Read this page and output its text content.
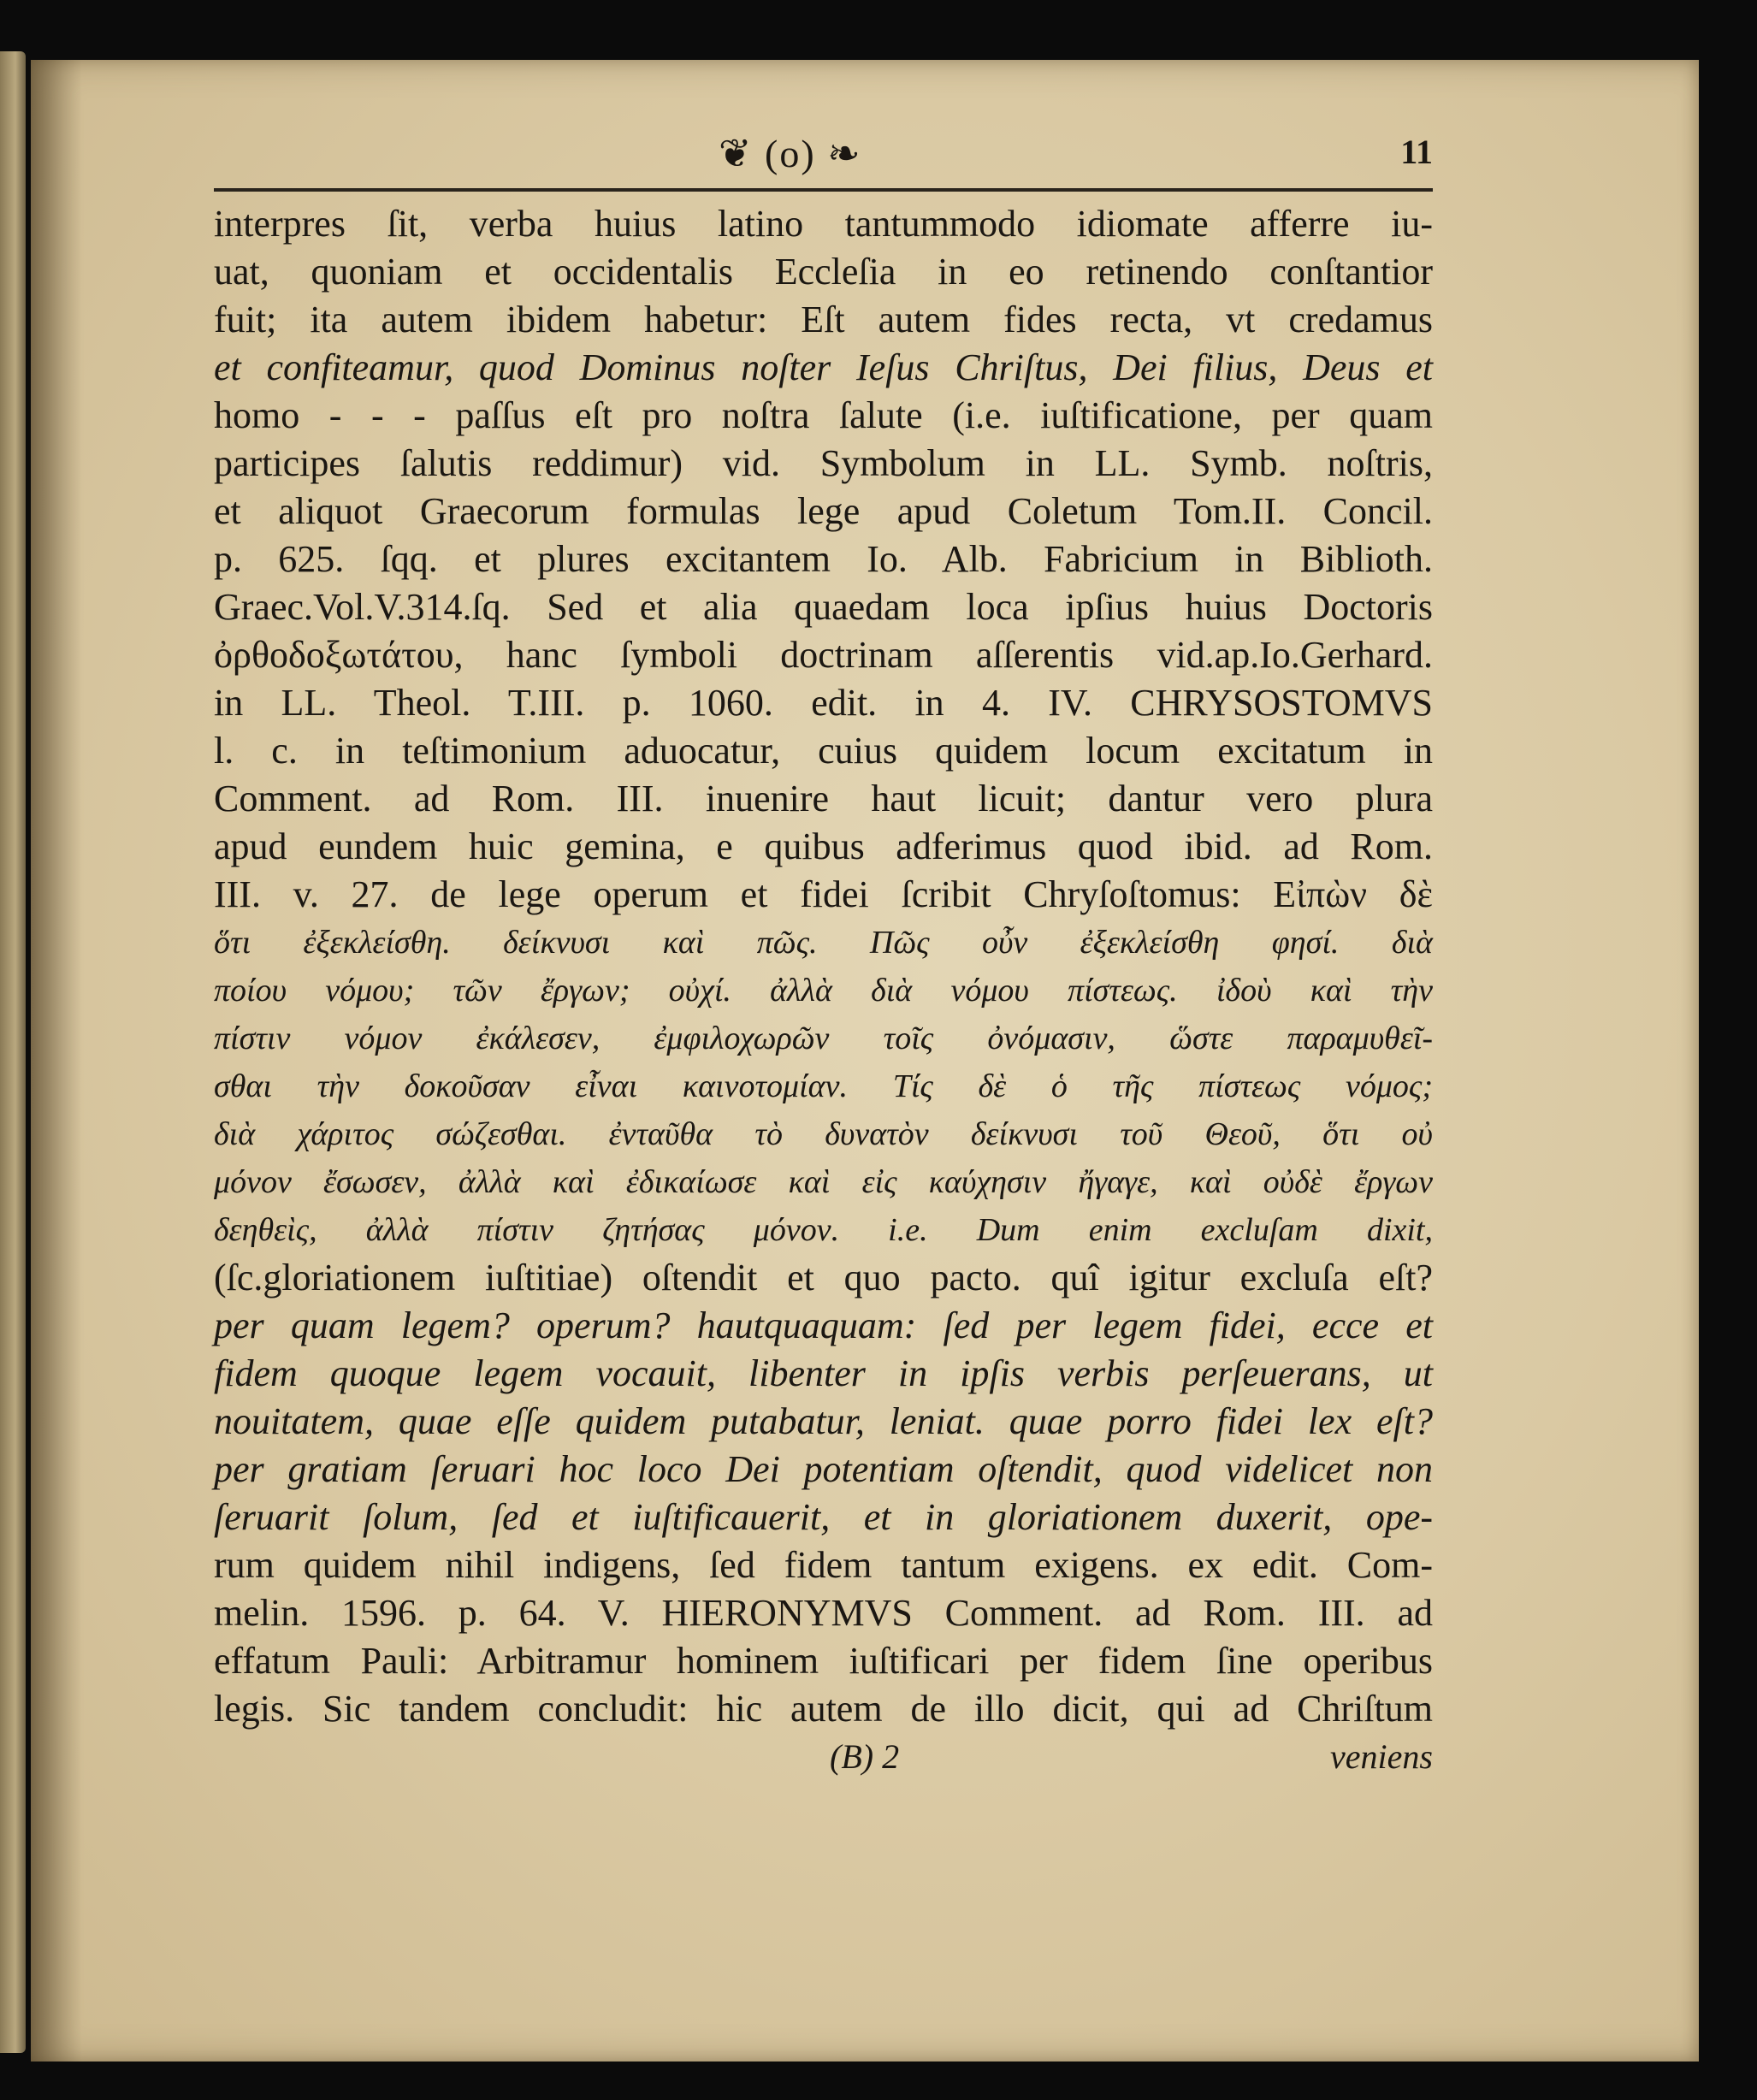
❦ (o) ❧	11
interpres ſit, verba huius latino tantummodo idiomate afferre iu-
uat, quoniam et occidentalis Eccleſia in eo retinendo conſtantior
fuit; ita autem ibidem habetur: Eſt autem fides recta, vt credamus
et confiteamur, quod Dominus noſter Ieſus Chriſtus, Dei filius, Deus et
homo - - - paſſus eſt pro noſtra ſalute (i.e. iuſtificatione, per quam
participes ſalutis reddimur) vid. Symbolum in LL. Symb. noſtris,
et aliquot Graecorum formulas lege apud Coletum Tom.II. Concil.
p. 625. ſqq. et plures excitantem Io. Alb. Fabricium in Biblioth.
Graec.Vol.V.314.ſq. Sed et alia quaedam loca ipſius huius Doctoris
ὀρθοδοξωτάτου, hanc ſymboli doctrinam aſſerentis vid.ap.Io.Gerhard.
in LL. Theol. T.III. p. 1060. edit. in 4. IV. CHRYSOSTOMVS
l. c. in teſtimonium aduocatur, cuius quidem locum excitatum in
Comment. ad Rom. III. inuenire haut licuit; dantur vero plura
apud eundem huic gemina, e quibus adferimus quod ibid. ad Rom.
III. v. 27. de lege operum et fidei ſcribit Chryſoſtomus: Εἰπὼν δὲ
ὅτι ἐξεκλείσθη. δείκνυσι καὶ πῶς. Πῶς οὖν ἐξεκλείσθη φησί. διὰ
ποίου νόμου; τῶν ἔργων; οὐχί. ἀλλὰ διὰ νόμου πίστεως. ἰδοὺ καὶ τὴν
πίστιν νόμον ἐκάλεσεν, ἐμφιλοχωρῶν τοῖς ὀνόμασιν, ὥστε παραμυθεῖ-
σθαι τὴν δοκοῦσαν εἶναι καινοτομίαν. Τίς δὲ ὁ τῆς πίστεως νόμος;
διὰ χάριτος σώζεσθαι. ἐνταῦθα τὸ δυνατὸν δείκνυσι τοῦ Θεοῦ, ὅτι οὐ
μόνον ἔσωσεν, ἀλλὰ καὶ ἐδικαίωσε καὶ εἰς καύχησιν ἤγαγε, καὶ οὐδὲ ἔργων
δεηθεὶς, ἀλλὰ πίστιν ζητήσας μόνον. i.e. Dum enim excluſam dixit,
(ſc.gloriationem iuſtitiae) oſtendit et quo pacto. quî igitur excluſa eſt?
per quam legem? operum? hautquaquam: ſed per legem fidei, ecce et
fidem quoque legem vocauit, libenter in ipſis verbis perſeuerans, ut
nouitatem, quae eſſe quidem putabatur, leniat. quae porro fidei lex eſt?
per gratiam ſeruari hoc loco Dei potentiam oſtendit, quod videlicet non
ſeruarit ſolum, ſed et iuſtificauerit, et in gloriationem duxerit, ope-
rum quidem nihil indigens, ſed fidem tantum exigens. ex edit. Com-
melin. 1596. p. 64. V. HIERONYMVS Comment. ad Rom. III. ad
effatum Pauli: Arbitramur hominem iuſtificari per fidem ſine operibus
legis. Sic tandem concludit: hic autem de illo dicit, qui ad Chriſtum
(B) 2	veniens
